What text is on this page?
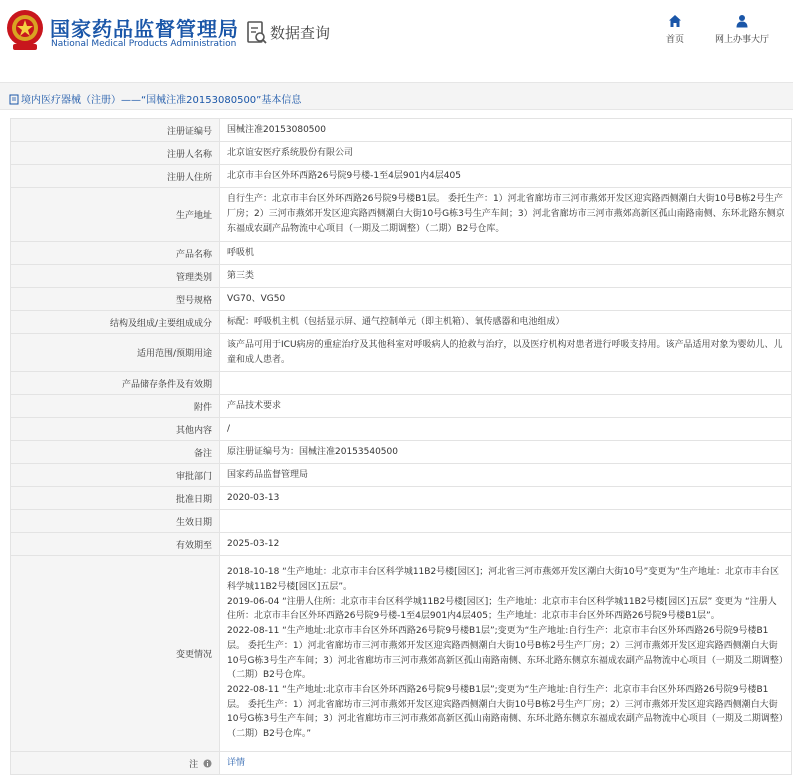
国家药品监督管理局
National Medical Products Administration
数据查询	首页	网上办事大厅
境内医疗器械（注册）——“国械注准20153080500”基本信息
注册证编号	国械注准20153080500
注册人名称	北京谊安医疗系统股份有限公司
注册人住所	北京市丰台区外环西路26号院9号楼-1至4层901内4层405
生产地址	自行生产：北京市丰台区外环西路26号院9号楼B1层。 委托生产：1）河北省廊坊市三河市燕郊开发区迎宾路西侧潮白大街10号B栋2号生产厂房；2）三河市燕郊开发区迎宾路西侧潮白大街10号G栋3号生产车间；3）河北省廊坊市三河市燕郊高新区孤山南路南侧、东环北路东侧京东福成农副产品物流中心项目（一期及二期调整）（二期）B2号仓库。
产品名称	呼吸机
管理类别	第三类
型号规格	VG70、VG50
结构及组成/主要组成成分	标配：呼吸机主机（包括显示屏、通气控制单元（即主机箱）、氧传感器和电池组成）
适用范围/预期用途	该产品可用于ICU病房的重症治疗及其他科室对呼吸病人的抢救与治疗，以及医疗机构对患者进行呼吸支持用。该产品适用对象为婴幼儿、儿童和成人患者。
产品储存条件及有效期	
附件	产品技术要求
其他内容	/
备注	原注册证编号为：国械注准20153540500
审批部门	国家药品监督管理局
批准日期	2020-03-13
生效日期	
有效期至	2025-03-12
变更情况	2018-10-18 “生产地址：北京市丰台区科学城11B2号楼[园区]；河北省三河市燕郊开发区潮白大街10号”变更为“生产地址：北京市丰台区科学城11B2号楼[园区]五层”。
2019-06-04 “注册人住所：北京市丰台区科学城11B2号楼[园区]；生产地址：北京市丰台区科学城11B2号楼[园区]五层” 变更为 “注册人住所：北京市丰台区外环西路26号院9号楼-1至4层901内4层405；生产地址：北京市丰台区外环西路26号院9号楼B1层”。
2022-08-11 “生产地址:北京市丰台区外环西路26号院9号楼B1层”;变更为“生产地址:自行生产：北京市丰台区外环西路26号院9号楼B1层。 委托生产：1）河北省廊坊市三河市燕郊开发区迎宾路西侧潮白大街10号B栋2号生产厂房；2）三河市燕郊开发区迎宾路西侧潮白大街10号G栋3号生产车间；3）河北省廊坊市三河市燕郊高新区孤山南路南侧、东环北路东侧京东福成农副产品物流中心项目（一期及二期调整）（二期）B2号仓库。
2022-08-11 “生产地址:北京市丰台区外环西路26号院9号楼B1层”;变更为“生产地址:自行生产：北京市丰台区外环西路26号院9号楼B1层。 委托生产：1）河北省廊坊市三河市燕郊开发区迎宾路西侧潮白大街10号B栋2号生产厂房；2）三河市燕郊开发区迎宾路西侧潮白大街10号G栋3号生产车间；3）河北省廊坊市三河市燕郊高新区孤山南路南侧、东环北路东侧京东福成农副产品物流中心项目（一期及二期调整）（二期）B2号仓库。”

注	详情
